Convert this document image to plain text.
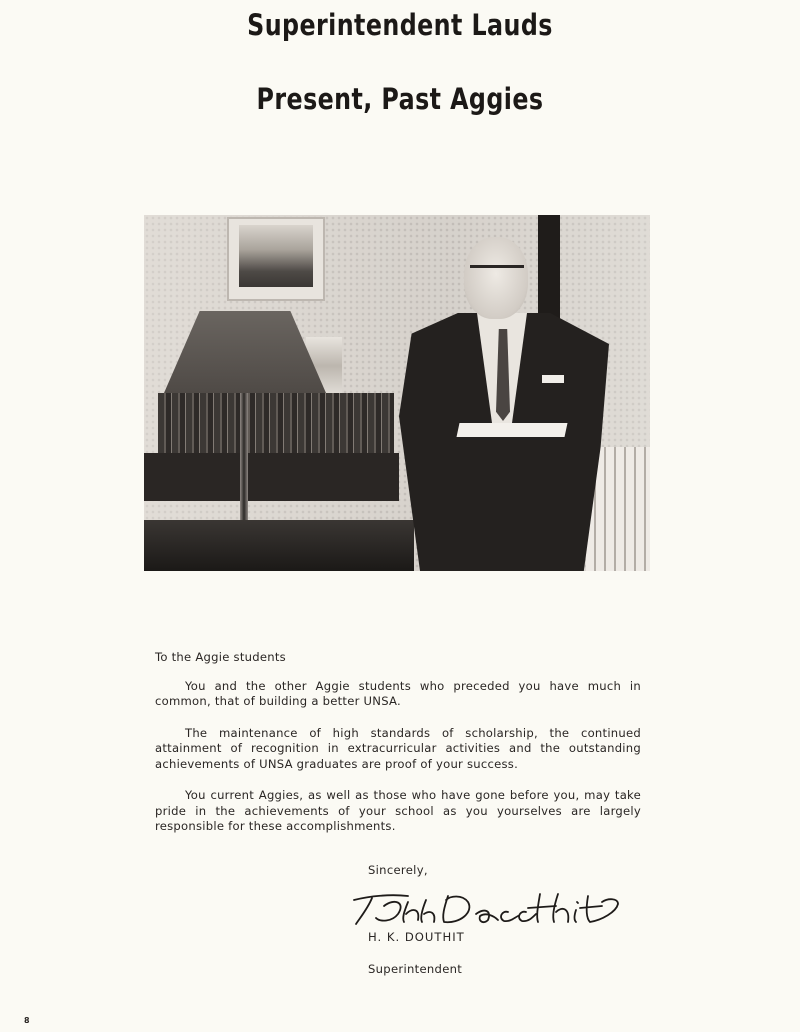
Superintendent Lauds
Present, Past Aggies

To the Aggie students

You and the other Aggie students who preceded you have much in common, that of building a better UNSA.

The maintenance of high standards of scholarship, the continued attainment of recognition in extracurricular activities and the outstanding achievements of UNSA graduates are proof of your success.

You current Aggies, as well as those who have gone before you, may take pride in the achievements of your school as you yourselves are largely responsible for these accomplishments.

Sincerely,
H. K. DOUTHIT
Superintendent
8
